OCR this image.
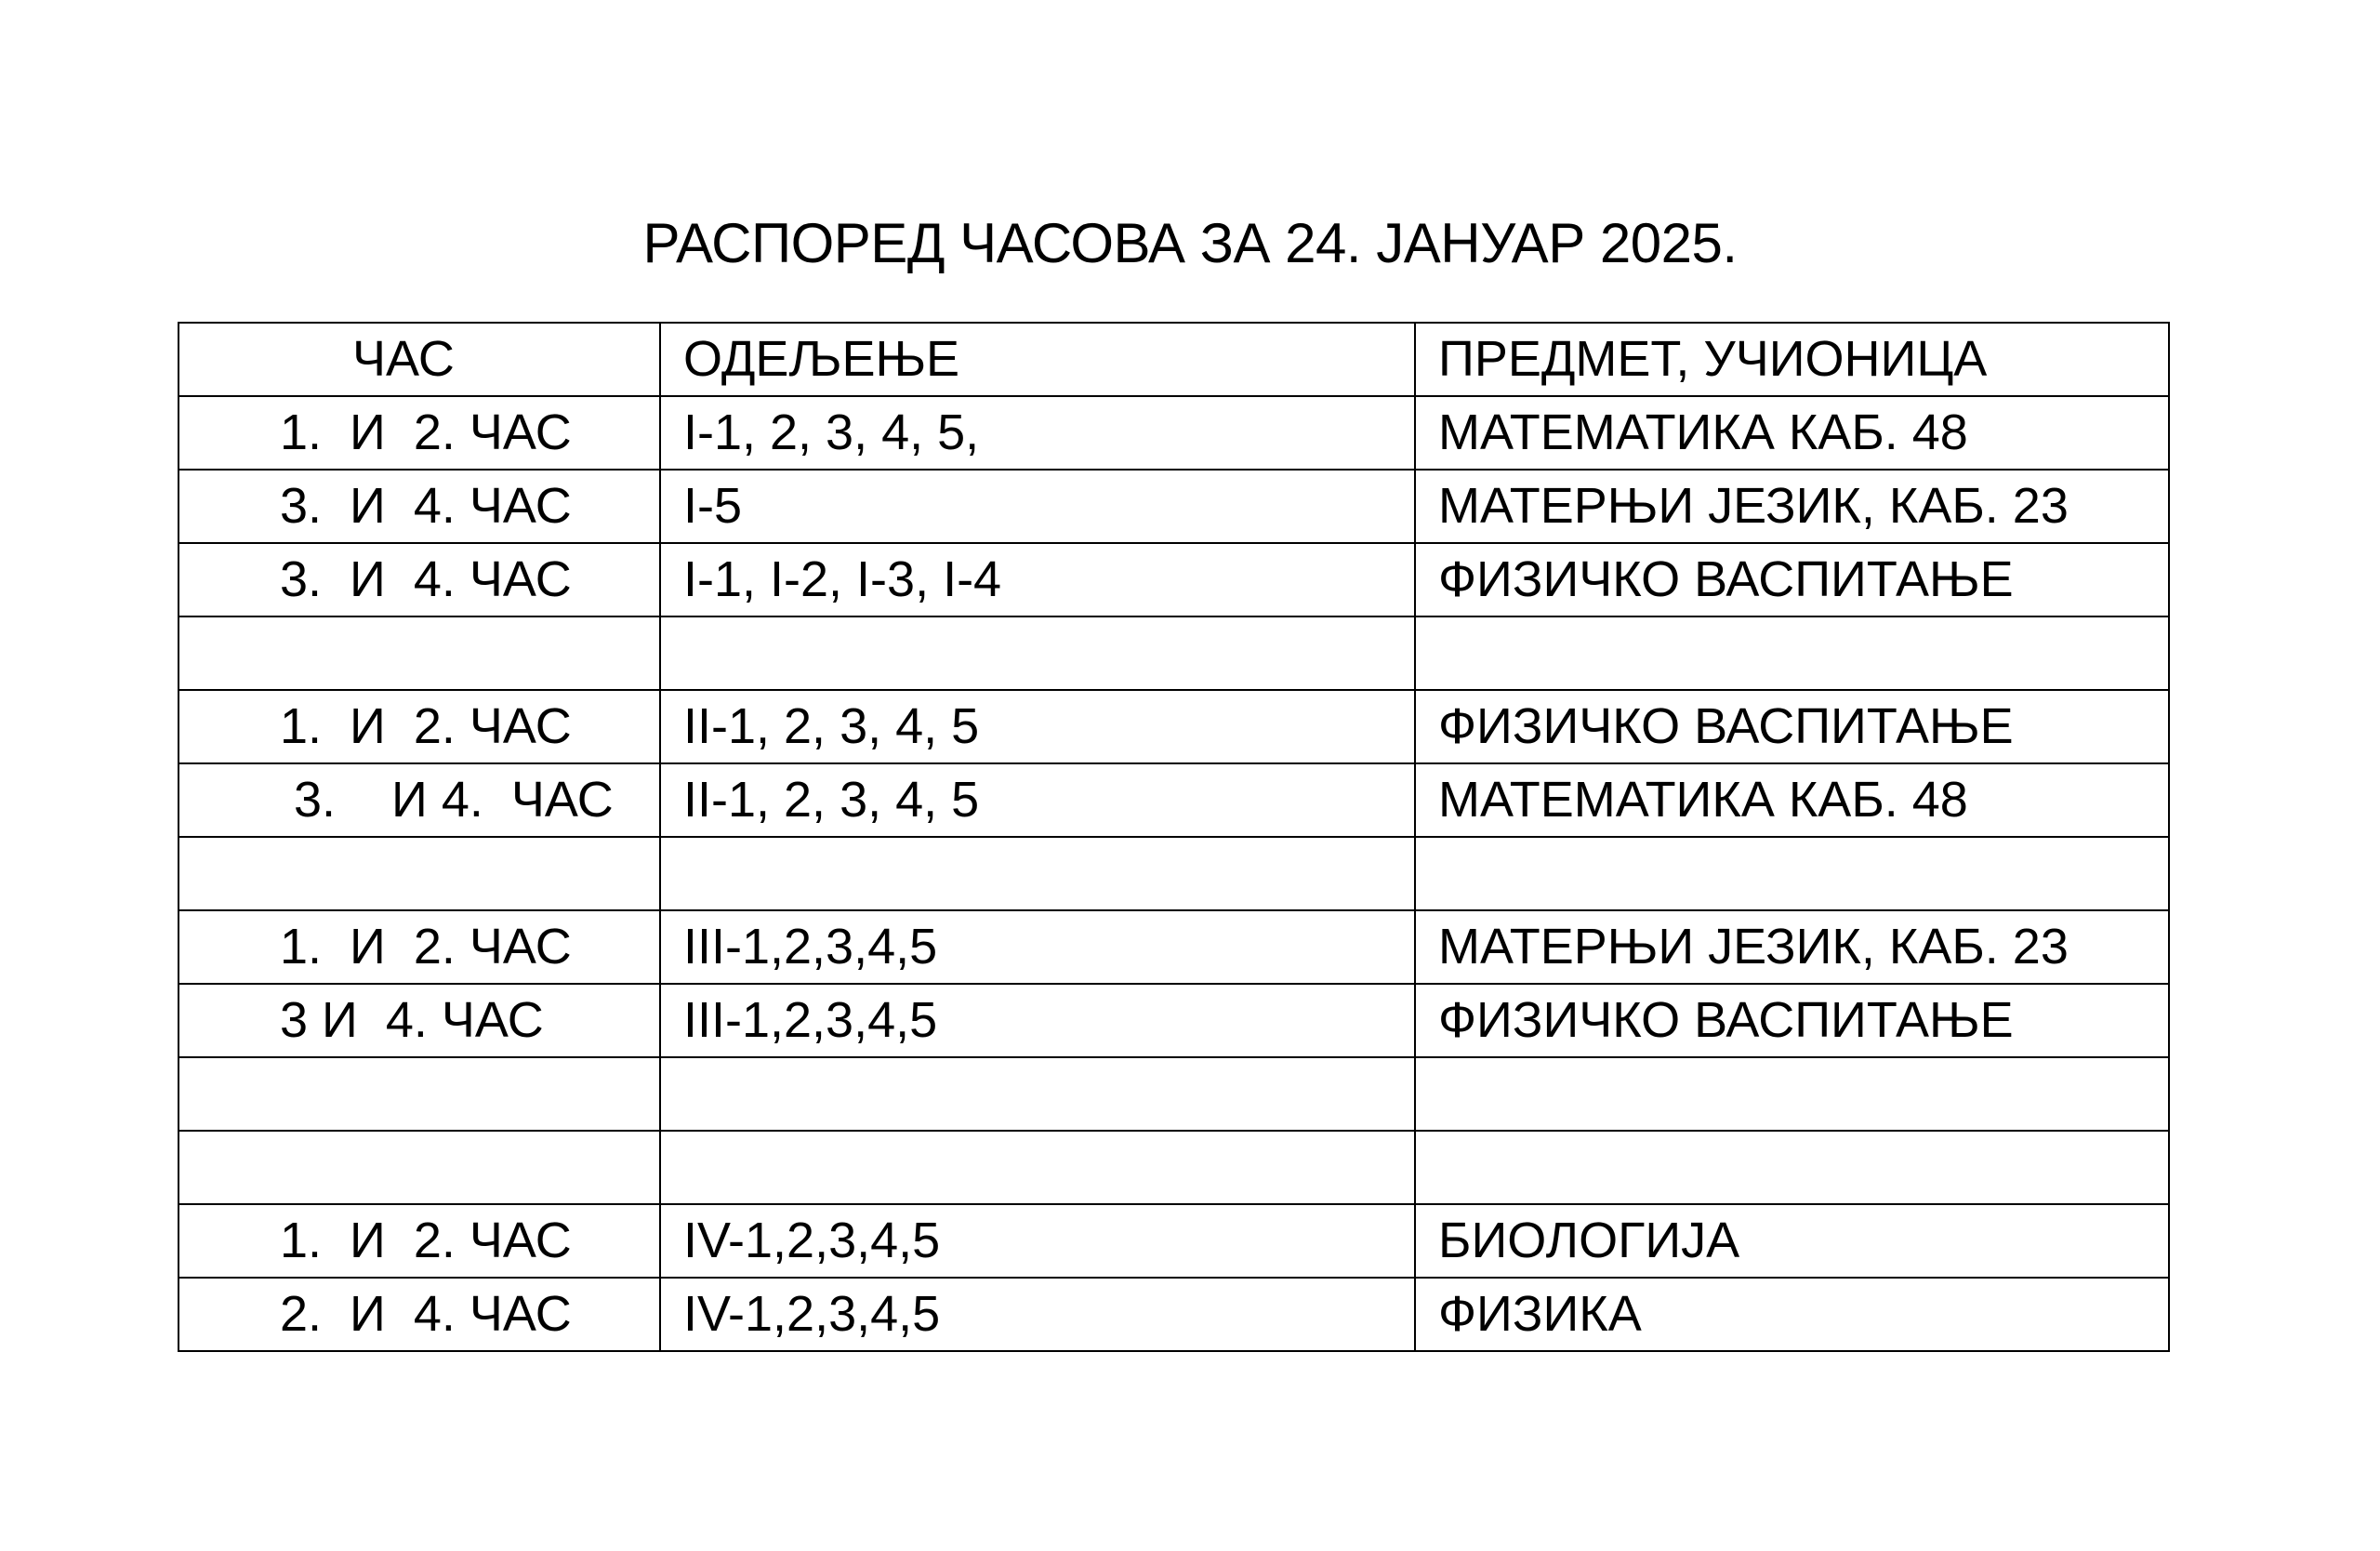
РАСПОРЕД ЧАСОВА ЗА 24. ЈАНУАР 2025.
ЧАС	ОДЕЉЕЊЕ	ПРЕДМЕТ, УЧИОНИЦА
1.  И  2. ЧАС	I-1, 2, 3, 4, 5,	МАТЕМАТИКА КАБ. 48
3.  И  4. ЧАС	I-5	МАТЕРЊИ ЈЕЗИК, КАБ. 23
3.  И  4. ЧАС	I-1, I-2, I-3, I-4	ФИЗИЧКО ВАСПИТАЊЕ

1.  И  2. ЧАС	II-1, 2, 3, 4, 5	ФИЗИЧКО ВАСПИТАЊЕ
3.    И 4.  ЧАС	II-1, 2, 3, 4, 5	МАТЕМАТИКА КАБ. 48

1.  И  2. ЧАС	III-1,2,3,4,5	МАТЕРЊИ ЈЕЗИК, КАБ. 23
3 И  4. ЧАС	III-1,2,3,4,5	ФИЗИЧКО ВАСПИТАЊЕ

1.  И  2. ЧАС	IV-1,2,3,4,5	БИОЛОГИЈА
2.  И  4. ЧАС	IV-1,2,3,4,5	ФИЗИКА
